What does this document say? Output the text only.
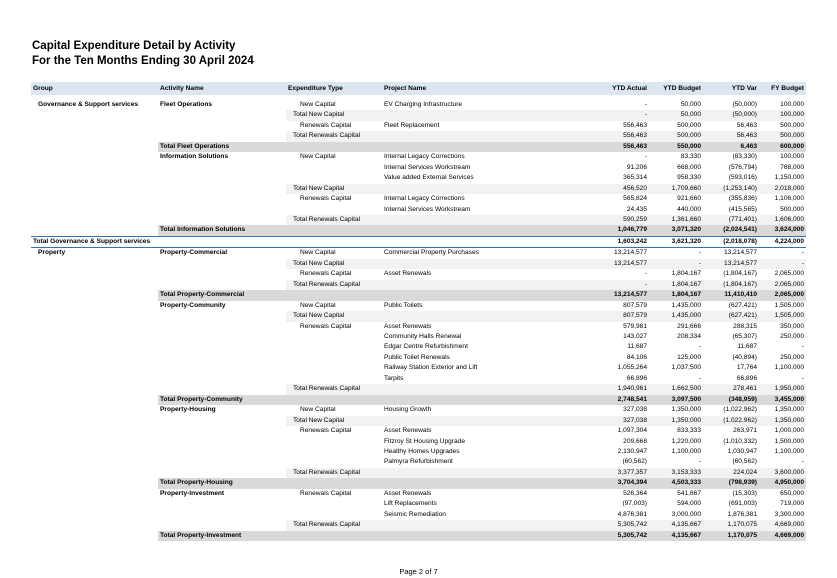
Capital Expenditure Detail by Activity
For the Ten Months Ending 30 April 2024
Group	Activity Name	Expenditure Type	Project Name	YTD Actual	YTD Budget	YTD Var	FY Budget

Governance & Support services	Fleet Operations	New Capital	EV Charging Infrastructure	-	50,000	(50,000)	100,000
		Total New Capital		-	50,000	(50,000)	100,000
		Renewals Capital	Fleet Replacement	556,463	500,000	56,463	500,000
		Total Renewals Capital		556,463	500,000	56,463	500,000
	Total Fleet Operations			556,463	550,000	6,463	600,000
	Information Solutions	New Capital	Internal Legacy Corrections	-	83,330	(83,330)	100,000
			Internal Services Workstream	91,206	668,000	(576,794)	768,000
			Value added External Services	365,314	958,330	(593,016)	1,150,000
		Total New Capital		456,520	1,709,660	(1,253,140)	2,018,000
		Renewals Capital	Internal Legacy Corrections	565,824	921,660	(355,836)	1,106,000
			Internal Services Workstream	24,435	440,000	(415,565)	500,000
		Total Renewals Capital		590,259	1,361,660	(771,401)	1,606,000
	Total Information Solutions			1,046,779	3,071,320	(2,024,541)	3,624,000
Total Governance & Support services				1,603,242	3,621,320	(2,018,078)	4,224,000
Property	Property-Commercial	New Capital	Commercial Property Purchases	13,214,577	-	13,214,577	-
		Total New Capital		13,214,577	-	13,214,577	-
		Renewals Capital	Asset Renewals	-	1,804,167	(1,804,167)	2,065,000
		Total Renewals Capital		-	1,804,167	(1,804,167)	2,065,000
	Total Property-Commercial			13,214,577	1,804,167	11,410,410	2,065,000
	Property-Community	New Capital	Public Toilets	807,579	1,435,000	(627,421)	1,505,000
		Total New Capital		807,579	1,435,000	(627,421)	1,505,000
		Renewals Capital	Asset Renewals	579,981	291,666	288,315	350,000
			Community Halls Renewal	143,027	208,334	(65,307)	250,000
			Edgar Centre Refurbishment	11,687	-	11,687	-
			Public Toilet Renewals	84,106	125,000	(40,894)	250,000
			Railway Station Exterior and Lift	1,055,264	1,037,500	17,764	1,100,000
			Tarpits	66,896	-	66,896	-
		Total Renewals Capital		1,940,961	1,662,500	278,461	1,950,000
	Total Property-Community			2,748,541	3,097,500	(348,959)	3,455,000
	Property-Housing	New Capital	Housing Growth	327,038	1,350,000	(1,022,962)	1,350,000
		Total New Capital		327,038	1,350,000	(1,022,962)	1,350,000
		Renewals Capital	Asset Renewals	1,097,304	833,333	263,971	1,000,000
			Fitzroy St Housing Upgrade	209,668	1,220,000	(1,010,332)	1,500,000
			Healthy Homes Upgrades	2,130,947	1,100,000	1,030,947	1,100,000
			Palmyra Refurbishment	(60,562)	-	(60,562)	-
		Total Renewals Capital		3,377,357	3,153,333	224,024	3,600,000
	Total Property-Housing			3,704,394	4,503,333	(798,939)	4,950,000
	Property-Investment	Renewals Capital	Asset Renewals	526,364	541,667	(15,303)	650,000
			Lift Replacements	(97,003)	594,000	(691,003)	719,000
			Seismic Remediation	4,876,381	3,000,000	1,876,381	3,300,000
		Total Renewals Capital		5,305,742	4,135,667	1,170,075	4,669,000
	Total Property-Investment			5,305,742	4,135,667	1,170,075	4,669,000
Page 2 of 7
